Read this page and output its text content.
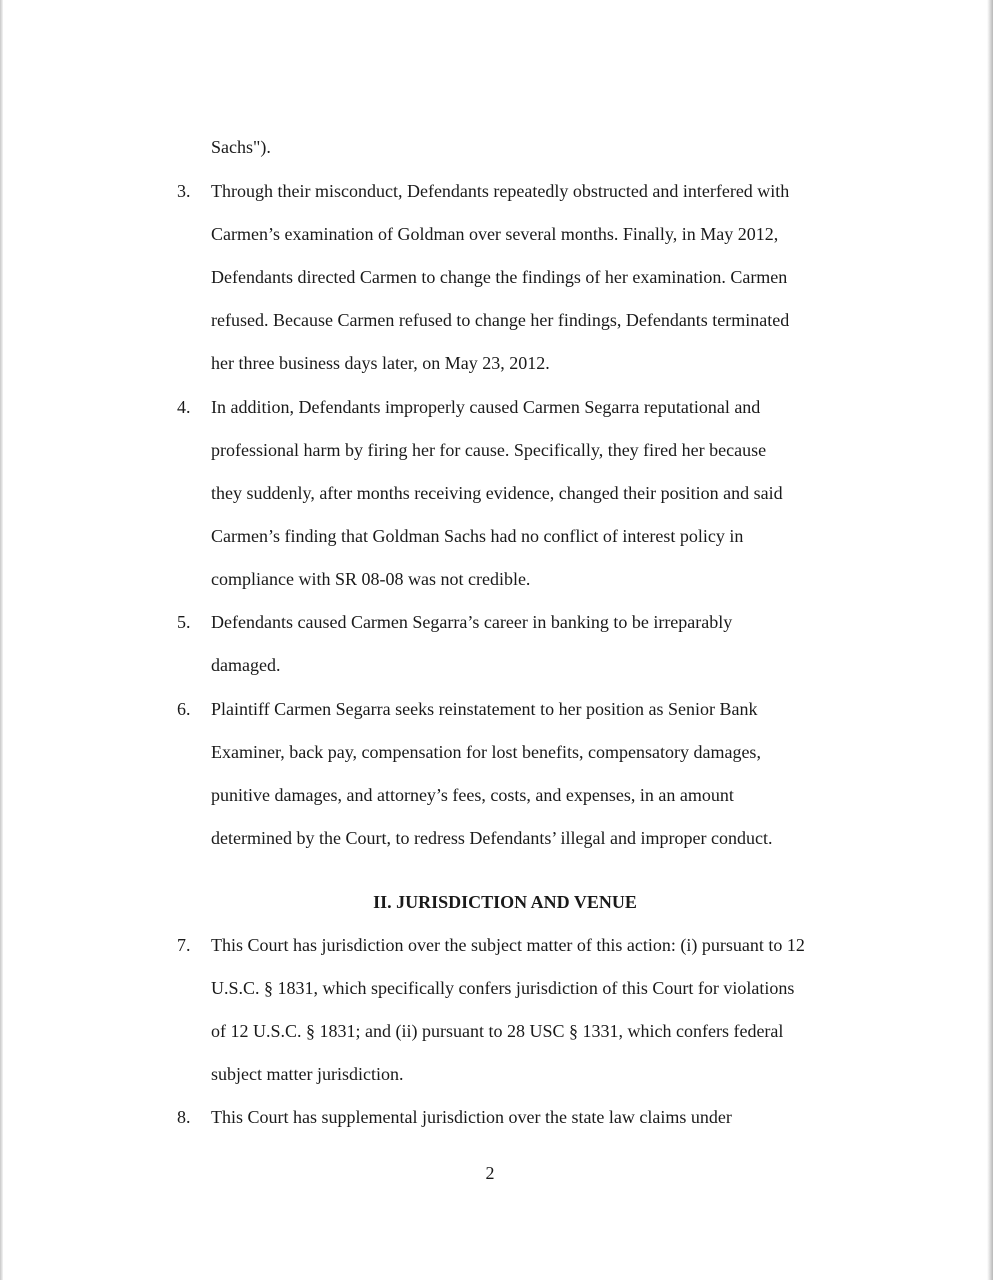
Sachs").
3. Through their misconduct, Defendants repeatedly obstructed and interfered with
Carmen’s examination of Goldman over several months. Finally, in May 2012,
Defendants directed Carmen to change the findings of her examination. Carmen
refused. Because Carmen refused to change her findings, Defendants terminated
her three business days later, on May 23, 2012.
4. In addition, Defendants improperly caused Carmen Segarra reputational and
professional harm by firing her for cause. Specifically, they fired her because
they suddenly, after months receiving evidence, changed their position and said
Carmen’s finding that Goldman Sachs had no conflict of interest policy in
compliance with SR 08-08 was not credible.
5. Defendants caused Carmen Segarra’s career in banking to be irreparably
damaged.
6. Plaintiff Carmen Segarra seeks reinstatement to her position as Senior Bank
Examiner, back pay, compensation for lost benefits, compensatory damages,
punitive damages, and attorney’s fees, costs, and expenses, in an amount
determined by the Court, to redress Defendants’ illegal and improper conduct.
II. JURISDICTION AND VENUE
7. This Court has jurisdiction over the subject matter of this action: (i) pursuant to 12
U.S.C. § 1831, which specifically confers jurisdiction of this Court for violations
of 12 U.S.C. § 1831; and (ii) pursuant to 28 USC § 1331, which confers federal
subject matter jurisdiction.
8. This Court has supplemental jurisdiction over the state law claims under
2
